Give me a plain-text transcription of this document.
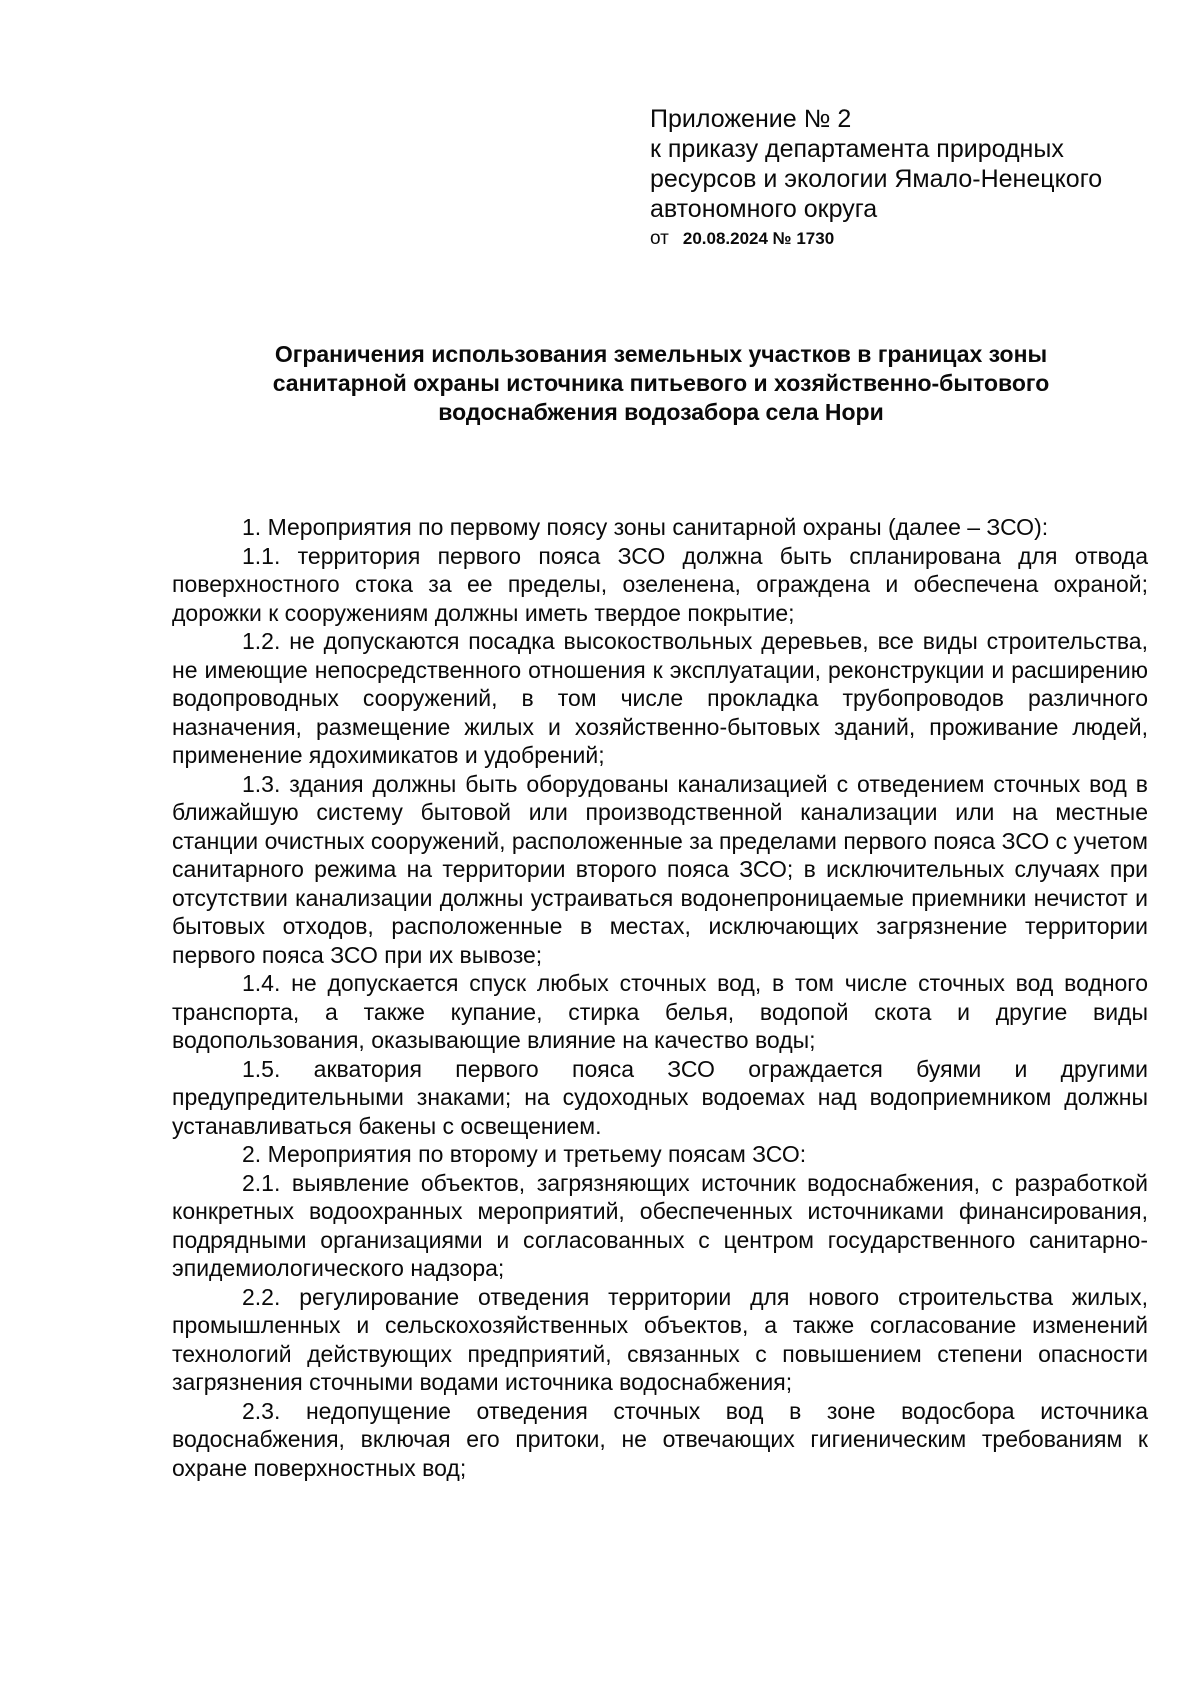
Приложение № 2
к приказу департамента природных
ресурсов и экологии Ямало-Ненецкого
автономного округа
от 20.08.2024 № 1730
Ограничения использования земельных участков в границах зоны
санитарной охраны источника питьевого и хозяйственно-бытового
водоснабжения водозабора села Нори

1. Мероприятия по первому поясу зоны санитарной охраны (далее – ЗСО):

1.1. территория первого пояса ЗСО должна быть спланирована для отвода поверхностного стока за ее пределы, озеленена, ограждена и обеспечена охраной; дорожки к сооружениям должны иметь твердое покрытие;

1.2. не допускаются посадка высокоствольных деревьев, все виды строительства, не имеющие непосредственного отношения к эксплуатации, реконструкции и расширению водопроводных сооружений, в том числе прокладка трубопроводов различного назначения, размещение жилых и хозяйственно-бытовых зданий, проживание людей, применение ядохимикатов и удобрений;

1.3. здания должны быть оборудованы канализацией с отведением сточных вод в ближайшую систему бытовой или производственной канализации или на местные станции очистных сооружений, расположенные за пределами первого пояса ЗСО с учетом санитарного режима на территории второго пояса ЗСО; в исключительных случаях при отсутствии канализации должны устраиваться водонепроницаемые приемники нечистот и бытовых отходов, расположенные в местах, исключающих загрязнение территории первого пояса ЗСО при их вывозе;

1.4. не допускается спуск любых сточных вод, в том числе сточных вод водного транспорта, а также купание, стирка белья, водопой скота и другие виды водопользования, оказывающие влияние на качество воды;

1.5. акватория первого пояса ЗСО ограждается буями и другими предупредительными знаками; на судоходных водоемах над водоприемником должны устанавливаться бакены с освещением.

2. Мероприятия по второму и третьему поясам ЗСО:

2.1. выявление объектов, загрязняющих источник водоснабжения, с разработкой конкретных водоохранных мероприятий, обеспеченных источниками финансирования, подрядными организациями и согласованных с центром государственного санитарно-эпидемиологического надзора;

2.2. регулирование отведения территории для нового строительства жилых, промышленных и сельскохозяйственных объектов, а также согласование изменений технологий действующих предприятий, связанных с повышением степени опасности загрязнения сточными водами источника водоснабжения;

2.3. недопущение отведения сточных вод в зоне водосбора источника водоснабжения, включая его притоки, не отвечающих гигиеническим требованиям к охране поверхностных вод;
